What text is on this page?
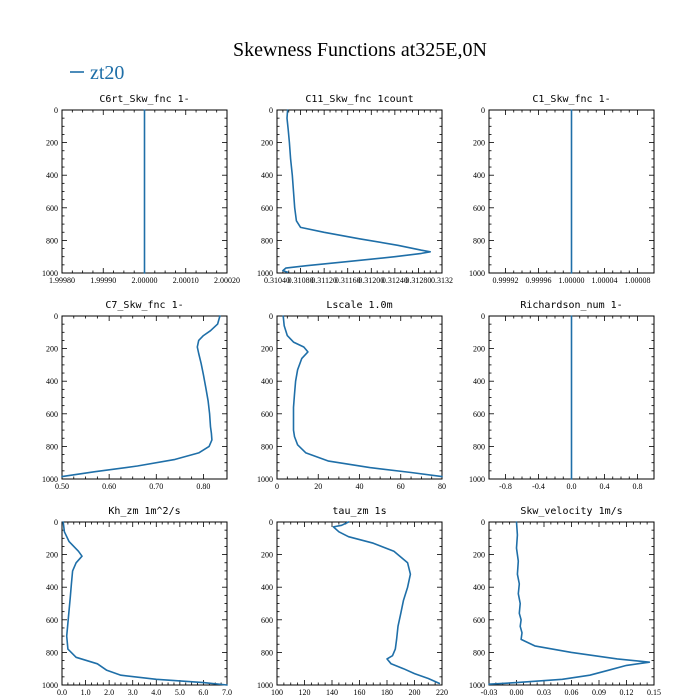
Skewness Functions at325E,0N
zt20
C6rt_Skw_fnc 1-
0
200
400
600
800
1000
1.99980 1.99990 2.00000 2.00010 2.00020
C11_Skw_fnc 1count
0
200
400
600
800
1000
0.31040
0.31080
0.31120
0.31160
0.31200
0.31240
0.31280 0.3132
C1_Skw_fnc 1-
0
200
400
600
800
1000
0.99992 0.99996 1.00000 1.00004 1.00008
C7_Skw_fnc 1-
0
200
400
600
800
1000
0.50	0.60	0.70	0.80
Lscale 1.0m
0
200
400
600
800
1000
0	20	40	60	80
Richardson_num 1-
0
200
400
600
800
1000
-0.8	-0.4	0.0	0.4	0.8
Kh_zm 1m^2/s
0
200
400
600
800
1000
0.0 1.0 2.0 3.0 4.0 5.0 6.0 7.0
tau_zm 1s
0
200
400
600
800
1000
100 120 140 160 180 200 220
Skw_velocity 1m/s
0
200
400
600
800
1000
-0.03 0.00 0.03 0.06 0.09 0.12 0.15
